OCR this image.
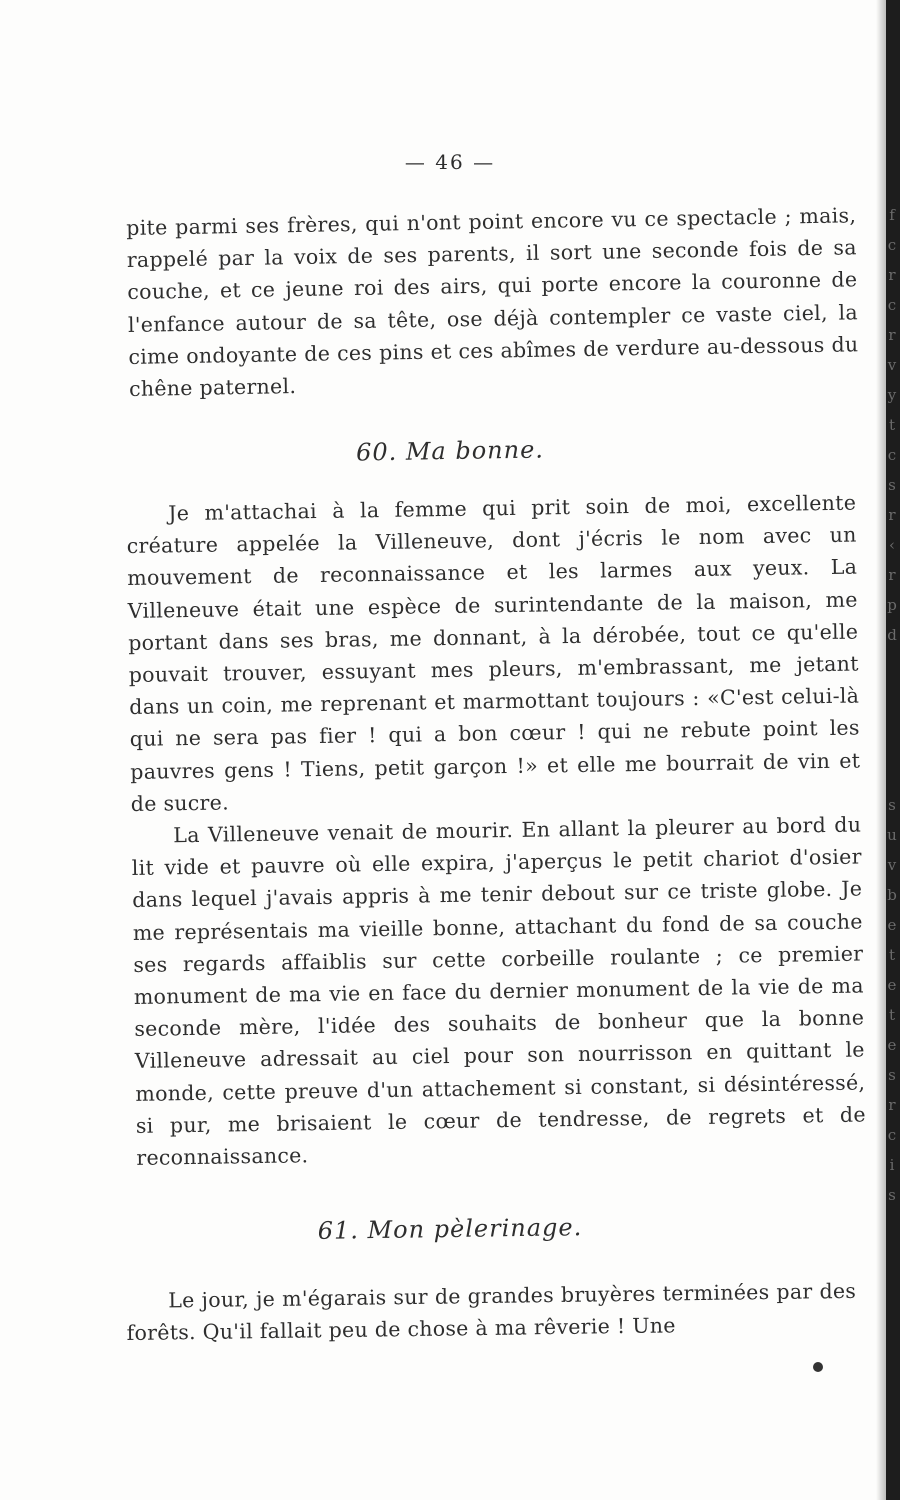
— 46 —

pite parmi ses frères, qui n'ont point encore vu ce spectacle ; mais, rappelé par la voix de ses parents, il sort une seconde fois de sa couche, et ce jeune roi des airs, qui porte encore la couronne de l'enfance autour de sa tête, ose déjà contempler ce vaste ciel, la cime ondoyante de ces pins et ces abîmes de verdure au-dessous du chêne paternel.

60. Ma bonne.

Je m'attachai à la femme qui prit soin de moi, excellente créature appelée la Villeneuve, dont j'écris le nom avec un mouvement de reconnaissance et les larmes aux yeux. La Villeneuve était une espèce de surintendante de la maison, me portant dans ses bras, me donnant, à la dérobée, tout ce qu'elle pouvait trouver, essuyant mes pleurs, m'embrassant, me jetant dans un coin, me reprenant et marmottant toujours : «C'est celui-là qui ne sera pas fier ! qui a bon cœur ! qui ne rebute point les pauvres gens ! Tiens, petit garçon !» et elle me bourrait de vin et de sucre.

La Villeneuve venait de mourir. En allant la pleurer au bord du lit vide et pauvre où elle expira, j'aperçus le petit chariot d'osier dans lequel j'avais appris à me tenir debout sur ce triste globe. Je me représentais ma vieille bonne, attachant du fond de sa couche ses regards affaiblis sur cette corbeille roulante ; ce premier monument de ma vie en face du dernier monument de la vie de ma seconde mère, l'idée des souhaits de bonheur que la bonne Villeneuve adressait au ciel pour son nourrisson en quittant le monde, cette preuve d'un attachement si constant, si désintéressé, si pur, me brisaient le cœur de tendresse, de regrets et de reconnaissance.

61. Mon pèlerinage.

Le jour, je m'égarais sur de grandes bruyères terminées par des forêts. Qu'il fallait peu de chose à ma rêverie ! Une

f
c
r
c
r
v
y
t
c
s
r
‹
r
p
d
s
u
v
b
e
t
e
t
e
s
r
c
i
s
